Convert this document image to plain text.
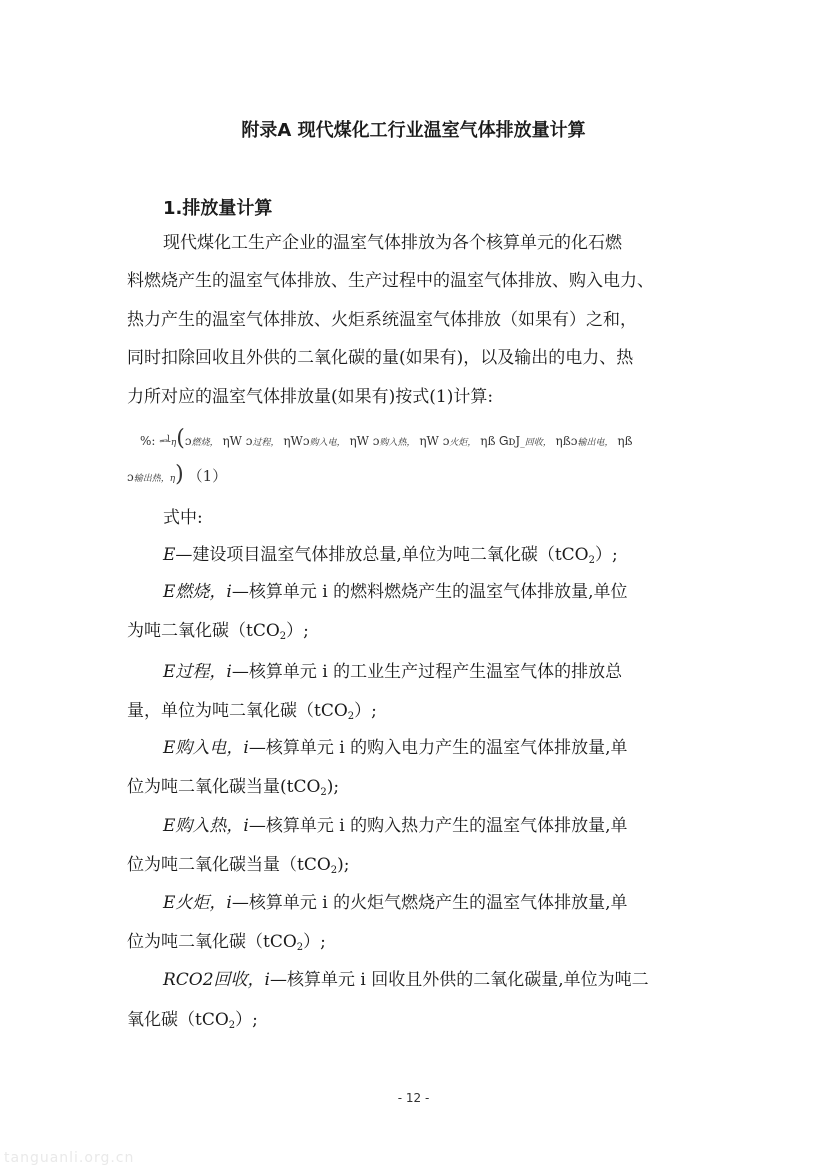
附录A 现代煤化工行业温室气体排放量计算
1.排放量计算
现代煤化工生产企业的温室气体排放为各个核算单元的化石燃
料燃烧产生的温室气体排放、生产过程中的温室气体排放、购入电力、
热力产生的温室气体排放、火炬系统温室气体排放（如果有）之和，
同时扣除回收且外供的二氧化碳的量(如果有)，以及输出的电力、热
力所对应的温室气体排放量(如果有)按式(1)计算:
%: ᆋη(ɔ燃烧， ηW ɔ过程， ηWɔ购入电， ηW ɔ购入热， ηW ɔ火炬， ηß ᏀᴅJ_回收， ηßɔ输出电， ηß
ɔ输出热，η) （1）
式中:
E—建设项目温室气体排放总量,单位为吨二氧化碳（tCO2）;
E燃烧，i—核算单元 i 的燃料燃烧产生的温室气体排放量,单位
为吨二氧化碳（tCO2）;
E过程，i—核算单元 i 的工业生产过程产生温室气体的排放总
量，单位为吨二氧化碳（tCO2）;
E购入电，i—核算单元 i 的购入电力产生的温室气体排放量,单
位为吨二氧化碳当量(tCO2);
E购入热，i—核算单元 i 的购入热力产生的温室气体排放量,单
位为吨二氧化碳当量（tCO2);
E火炬，i—核算单元 i 的火炬气燃烧产生的温室气体排放量,单
位为吨二氧化碳（tCO2）;
RCO2回收，i—核算单元 i 回收且外供的二氧化碳量,单位为吨二
氧化碳（tCO2）;
- 12 -
tanguanli.org.cn
